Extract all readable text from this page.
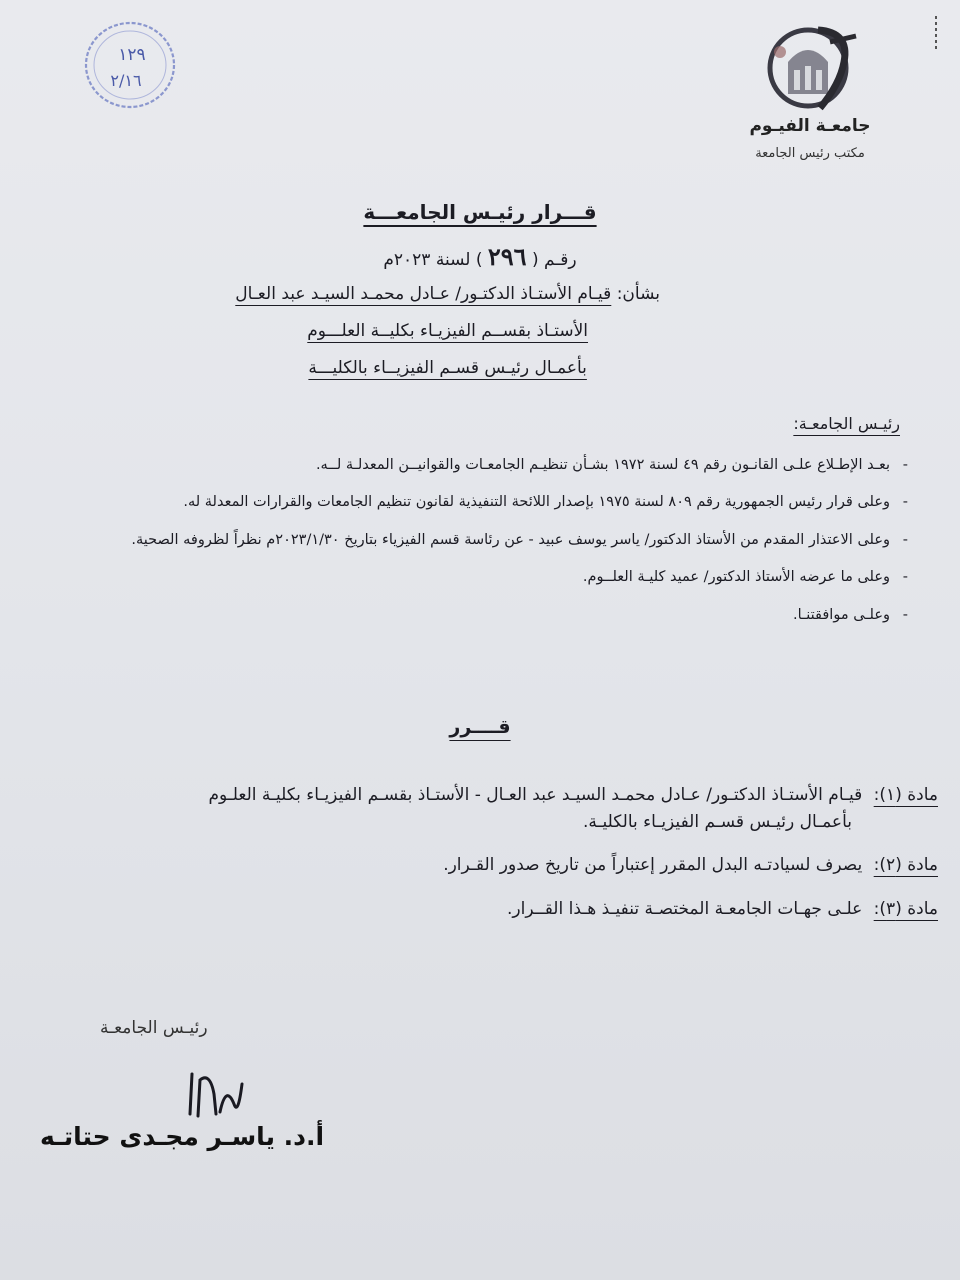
١٢٩
٢/١٦
جامعـة الفيـوم
مكتب رئيس الجامعة
قـــرار رئيـس الجامعـــة
رقـم ( ٢٩٦ ) لسنة ٢٠٢٣م
بشأن: قيـام الأستـاذ الدكتـور/ عـادل محمـد السيـد عبد العـال
الأستـاذ بقســم الفيزيـاء بكليــة العلـــوم
بأعمـال رئيـس قسـم الفيزيــاء بالكليـــة
رئيـس الجامعـة:
-
بعـد الإطـلاع علـى القانـون رقم ٤٩ لسنة ١٩٧٢ بشـأن تنظيـم الجامعـات والقوانيــن المعدلـة لــه.
-
وعلى قرار رئيس الجمهورية رقم ٨٠٩ لسنة ١٩٧٥ بإصدار اللائحة التنفيذية لقانون تنظيم الجامعات والقرارات المعدلة له.
-
وعلى الاعتذار المقدم من الأستاذ الدكتور/ ياسر يوسف عبيد - عن رئاسة قسم الفيزياء بتاريخ ٢٠٢٣/١/٣٠م نظراً لظروفه الصحية.
-
وعلى ما عرضه الأستاذ الدكتور/ عميد كليـة العلــوم.
-
وعلـى موافقتنـا.
قــــرر
مادة (١): قيـام الأستـاذ الدكتـور/ عـادل محمـد السيـد عبد العـال - الأستـاذ بقسـم الفيزيـاء بكليـة العلـوم
بأعمـال رئيـس قسـم الفيزيـاء بالكليـة.
مادة (٢): يصرف لسيادتـه البدل المقرر إعتباراً من تاريخ صدور القـرار.
مادة (٣): علـى جهـات الجامعـة المختصـة تنفيـذ هـذا القــرار.
رئيـس الجامعـة
أ.د. ياسـر مجـدى حتاتـه
